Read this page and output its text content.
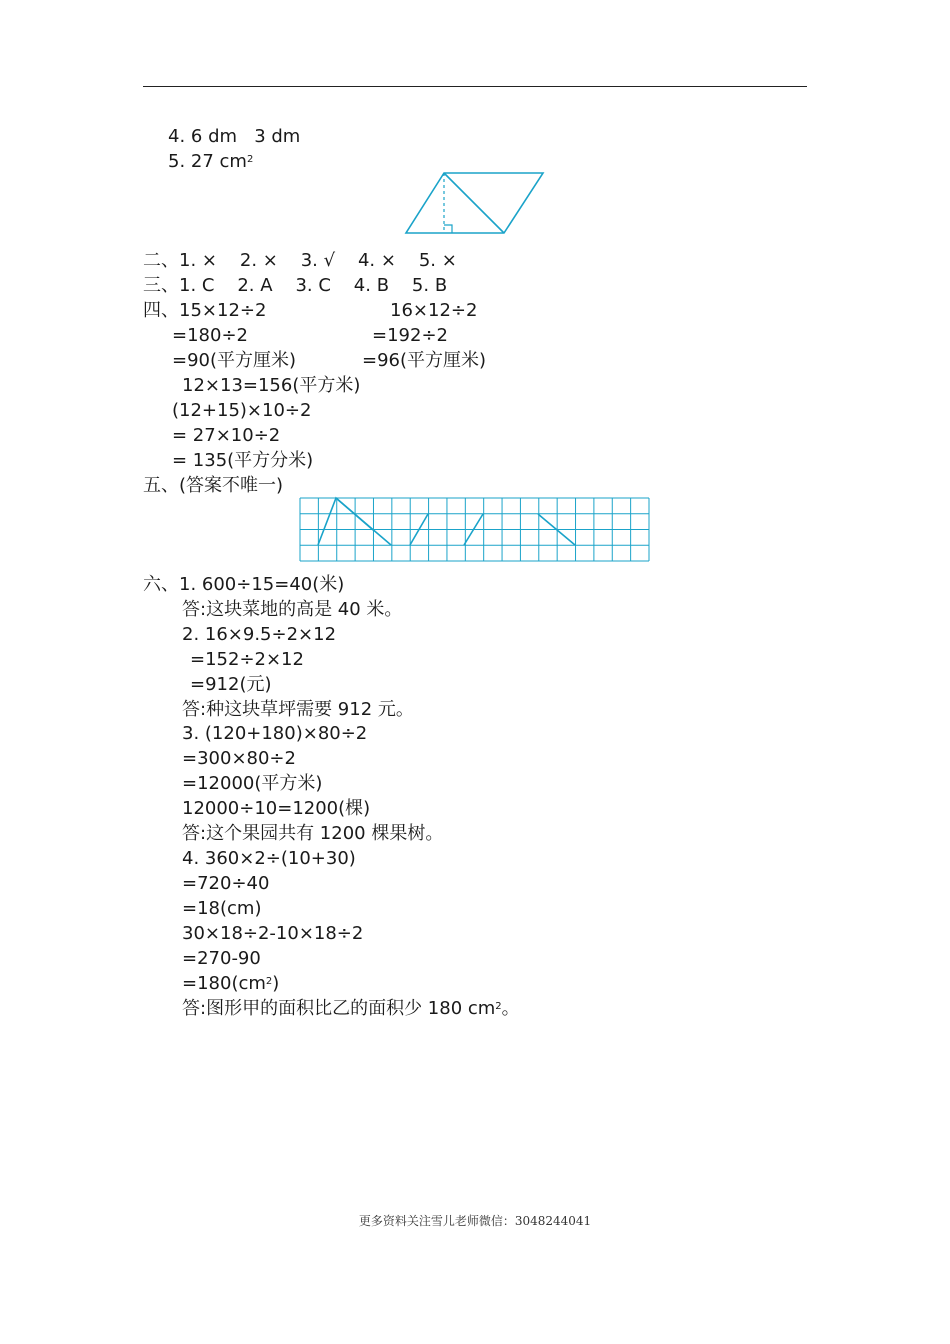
4. 6 dm   3 dm
5. 27 $cm^2$
二、1. ×    2. ×    3. √    4. ×    5. ×
三、1. C    2. A    3. C    4. B    5. B
四、15×12÷2	16×12÷2
=180÷2	=192÷2
=90(平方厘米)	=96(平方厘米)
12×13=156(平方米)
(12+15)×10÷2
= 27×10÷2
= 135(平方分米)
五、(答案不唯一)
六、1. 600÷15=40(米)
答:这块菜地的高是 40 米。
2. 16×9.5÷2×12
=152÷2×12
=912(元)
答:种这块草坪需要 912 元。
3. (120+180)×80÷2
=300×80÷2
=12000(平方米)
12000÷10=1200(棵)
答:这个果园共有 1200 棵果树。
4. 360×2÷(10+30)
=720÷40
=18(cm)
30×18÷2-10×18÷2
=270-90
$=180(cm^2)$
答:图形甲的面积比乙的面积少 180 $cm^2$。
更多资料关注雪儿老师微信：3048244041
